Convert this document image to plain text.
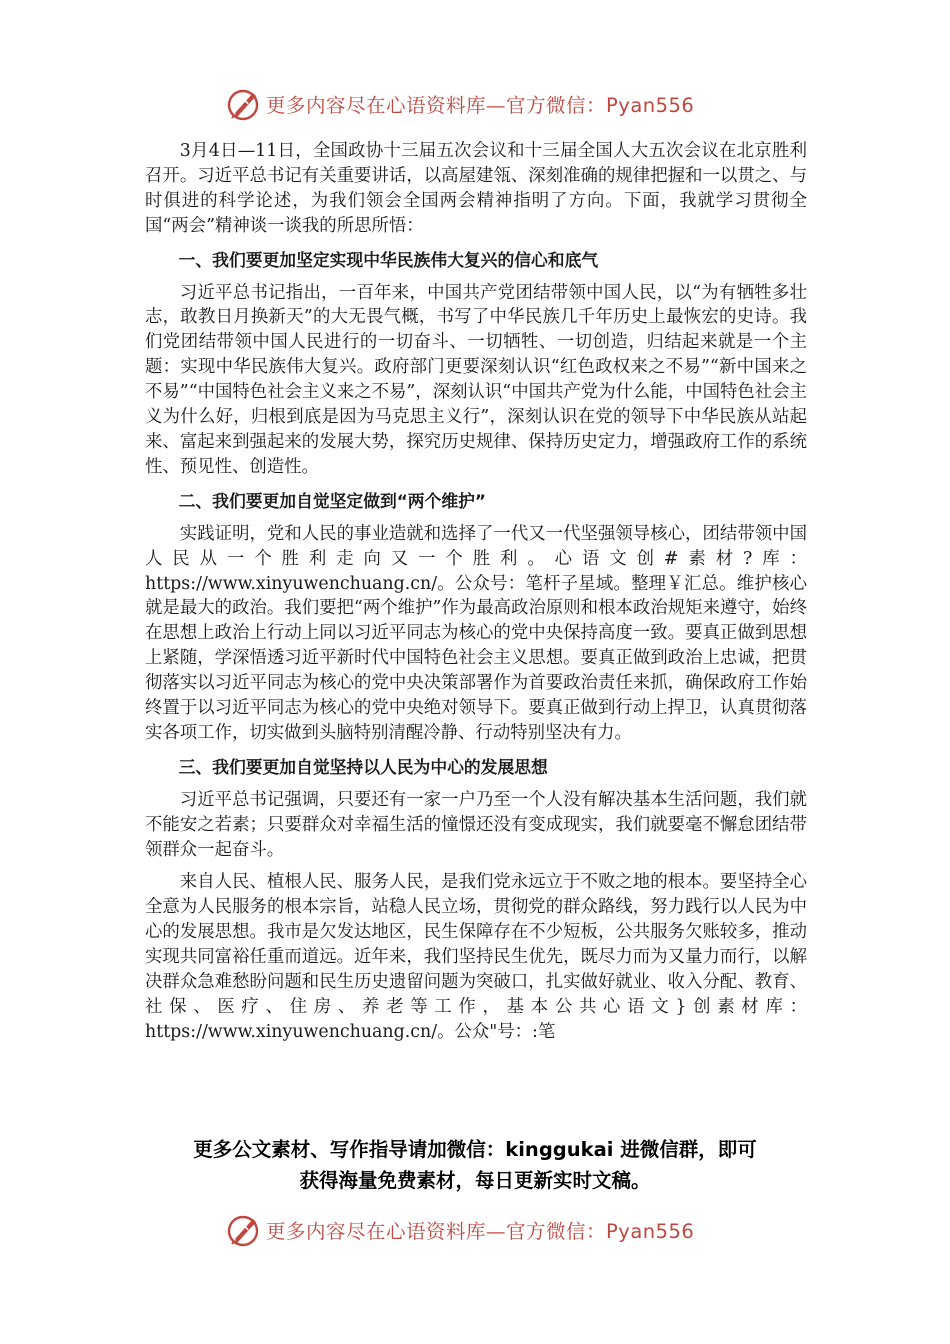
更多内容尽在心语资料库—官方微信：Pyan556

3月4日—11日，全国政协十三届五次会议和十三届全国人大五次会议在北京胜利召开。习近平总书记有关重要讲话，以高屋建瓴、深刻准确的规律把握和一以贯之、与时俱进的科学论述，为我们领会全国两会精神指明了方向。下面，我就学习贯彻全国“两会”精神谈一谈我的所思所悟：

一、我们要更加坚定实现中华民族伟大复兴的信心和底气

习近平总书记指出，一百年来，中国共产党团结带领中国人民，以“为有牺牲多壮志，敢教日月换新天”的大无畏气概，书写了中华民族几千年历史上最恢宏的史诗。我们党团结带领中国人民进行的一切奋斗、一切牺牲、一切创造，归结起来就是一个主题：实现中华民族伟大复兴。政府部门更要深刻认识“红色政权来之不易”“新中国来之不易”“中国特色社会主义来之不易”，深刻认识“中国共产党为什么能，中国特色社会主义为什么好，归根到底是因为马克思主义行”，深刻认识在党的领导下中华民族从站起来、富起来到强起来的发展大势，探究历史规律、保持历史定力，增强政府工作的系统性、预见性、创造性。

二、我们要更加自觉坚定做到“两个维护”

实践证明，党和人民的事业造就和选择了一代又一代坚强领导核心，团结带领中国人民从一个胜利走向又一个胜利。心语文创#素材?库：https://www.xinyuwenchuang.cn/。公众号：笔杆子星域。整理￥汇总。维护核心就是最大的政治。我们要把“两个维护”作为最高政治原则和根本政治规矩来遵守，始终在思想上政治上行动上同以习近平同志为核心的党中央保持高度一致。要真正做到思想上紧随，学深悟透习近平新时代中国特色社会主义思想。要真正做到政治上忠诚，把贯彻落实以习近平同志为核心的党中央决策部署作为首要政治责任来抓，确保政府工作始终置于以习近平同志为核心的党中央绝对领导下。要真正做到行动上捍卫，认真贯彻落实各项工作，切实做到头脑特别清醒冷静、行动特别坚决有力。

三、我们要更加自觉坚持以人民为中心的发展思想

习近平总书记强调，只要还有一家一户乃至一个人没有解决基本生活问题，我们就不能安之若素；只要群众对幸福生活的憧憬还没有变成现实，我们就要毫不懈怠团结带领群众一起奋斗。

来自人民、植根人民、服务人民，是我们党永远立于不败之地的根本。要坚持全心全意为人民服务的根本宗旨，站稳人民立场，贯彻党的群众路线，努力践行以人民为中心的发展思想。我市是欠发达地区，民生保障存在不少短板，公共服务欠账较多，推动实现共同富裕任重而道远。近年来，我们坚持民生优先，既尽力而为又量力而行，以解决群众急难愁盼问题和民生历史遗留问题为突破口，扎实做好就业、收入分配、教育、社保、医疗、住房、养老等工作，基本公共心语文}创素材库：https://www.xinyuwenchuang.cn/。公众"号：:笔

更多公文素材、写作指导请加微信：kinggukai 进微信群，即可
获得海量免费素材，每日更新实时文稿。
更多内容尽在心语资料库—官方微信：Pyan556
